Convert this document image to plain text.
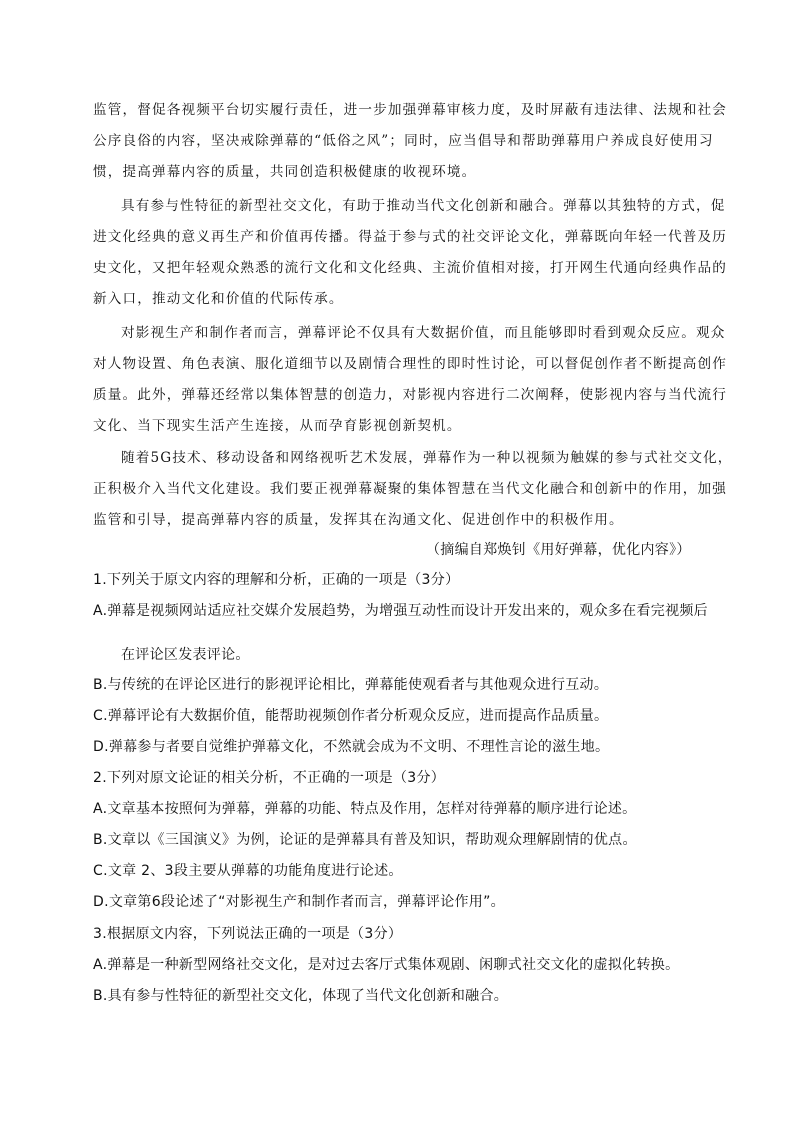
监管，督促各视频平台切实履行责任，进一步加强弹幕审核力度，及时屏蔽有违法律、法规和社会
公序良俗的内容，坚决戒除弹幕的“低俗之风”；同时，应当倡导和帮助弹幕用户养成良好使用习
惯，提高弹幕内容的质量，共同创造积极健康的收视环境。
具有参与性特征的新型社交文化，有助于推动当代文化创新和融合。弹幕以其独特的方式，促
进文化经典的意义再生产和价值再传播。得益于参与式的社交评论文化，弹幕既向年轻一代普及历
史文化，又把年轻观众熟悉的流行文化和文化经典、主流价值相对接，打开网生代通向经典作品的
新入口，推动文化和价值的代际传承。
对影视生产和制作者而言，弹幕评论不仅具有大数据价值，而且能够即时看到观众反应。观众
对人物设置、角色表演、服化道细节以及剧情合理性的即时性讨论，可以督促创作者不断提高创作
质量。此外，弹幕还经常以集体智慧的创造力，对影视内容进行二次阐释，使影视内容与当代流行
文化、当下现实生活产生连接，从而孕育影视创新契机。
随着5G技术、移动设备和网络视听艺术发展，弹幕作为一种以视频为触媒的参与式社交文化，
正积极介入当代文化建设。我们要正视弹幕凝聚的集体智慧在当代文化融合和创新中的作用，加强
监管和引导，提高弹幕内容的质量，发挥其在沟通文化、促进创作中的积极作用。
（摘编自郑焕钊《用好弹幕，优化内容》）
1.下列关于原文内容的理解和分析，正确的一项是（3分）
A.弹幕是视频网站适应社交媒介发展趋势，为增强互动性而设计开发出来的，观众多在看完视频后
在评论区发表评论。
B.与传统的在评论区进行的影视评论相比，弹幕能使观看者与其他观众进行互动。
C.弹幕评论有大数据价值，能帮助视频创作者分析观众反应，进而提高作品质量。
D.弹幕参与者要自觉维护弹幕文化，不然就会成为不文明、不理性言论的滋生地。
2.下列对原文论证的相关分析，不正确的一项是（3分）
A.文章基本按照何为弹幕，弹幕的功能、特点及作用，怎样对待弹幕的顺序进行论述。
B.文章以《三国演义》为例，论证的是弹幕具有普及知识，帮助观众理解剧情的优点。
C.文章 2、3段主要从弹幕的功能角度进行论述。
D.文章第6段论述了“对影视生产和制作者而言，弹幕评论作用”。
3.根据原文内容，下列说法正确的一项是（3分）
A.弹幕是一种新型网络社交文化，是对过去客厅式集体观剧、闲聊式社交文化的虚拟化转换。
B.具有参与性特征的新型社交文化，体现了当代文化创新和融合。
